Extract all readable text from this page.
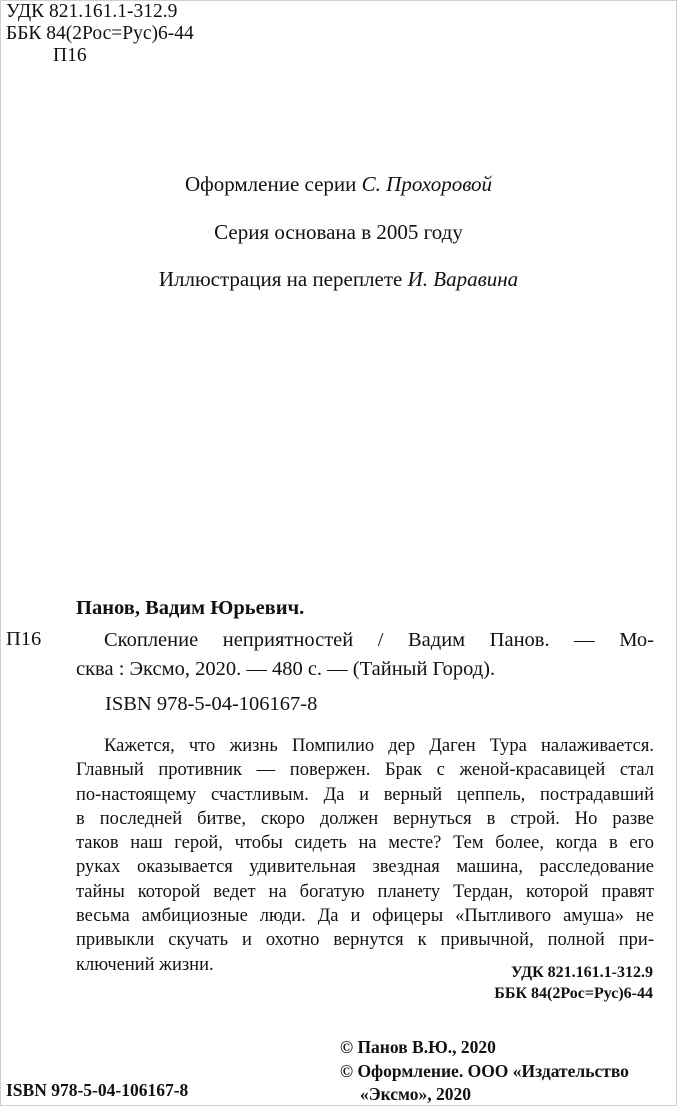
УДК 821.161.1-312.9
ББК 84(2Рос=Рус)6-44
П16
Оформление серии С. Прохоровой
Серия основана в 2005 году
Иллюстрация на переплете И. Варавина
Панов, Вадим Юрьевич.
П16	Скопление неприятностей / Вадим Панов. — Мо-
сква : Эксмо, 2020. — 480 с. — (Тайный Город).
ISBN 978-5-04-106167-8
Кажется, что жизнь Помпилио дер Даген Тура налаживается.
Главный противник — повержен. Брак с женой-красавицей стал
по-настоящему счастливым. Да и верный цеппель, пострадавший
в последней битве, скоро должен вернуться в строй. Но разве
таков наш герой, чтобы сидеть на месте? Тем более, когда в его
руках оказывается удивительная звездная машина, расследование
тайны которой ведет на богатую планету Тердан, которой правят
весьма амбициозные люди. Да и офицеры «Пытливого амуша» не
привыкли скучать и охотно вернутся к привычной, полной при-
ключений жизни.	УДК 821.161.1-312.9
ББК 84(2Рос=Рус)6-44
© Панов В.Ю., 2020
© Оформление. ООО «Издательство
«Эксмо», 2020
ISBN 978-5-04-106167-8
